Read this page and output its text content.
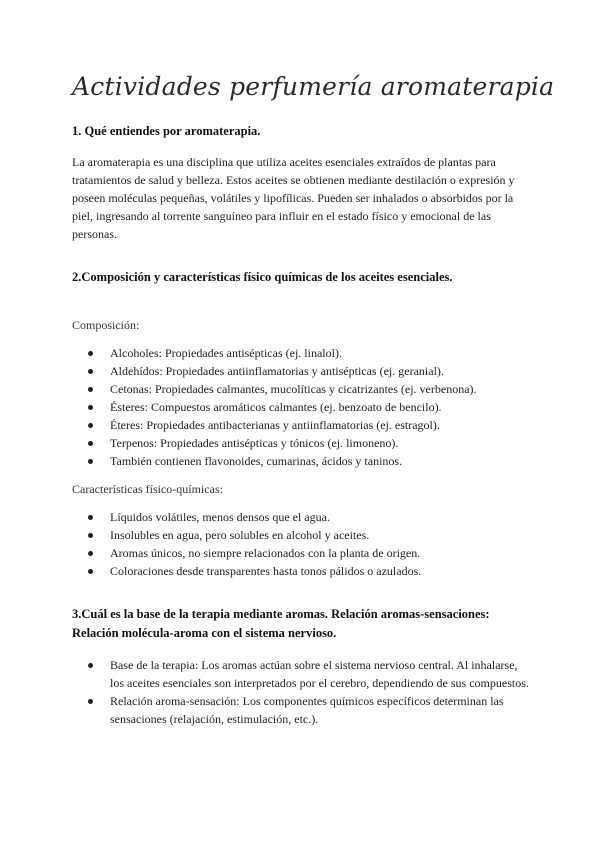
Actividades perfumería aromaterapia
1. Qué entiendes por aromaterapia.

La aromaterapia es una disciplina que utiliza aceites esenciales extraídos de plantas para tratamientos de salud y belleza. Estos aceites se obtienen mediante destilación o expresión y poseen moléculas pequeñas, volátiles y lipofílicas. Pueden ser inhalados o absorbidos por la piel, ingresando al torrente sanguíneo para influir en el estado físico y emocional de las personas.

2.Composición y características físico químicas de los aceites esenciales.

Composición:

Alcoholes: Propiedades antisépticas (ej. linalol).
Aldehídos: Propiedades antiinflamatorias y antisépticas (ej. geranial).
Cetonas: Propiedades calmantes, mucolíticas y cicatrizantes (ej. verbenona).
Ésteres: Compuestos aromáticos calmantes (ej. benzoato de bencilo).
Éteres: Propiedades antibacterianas y antiinflamatorias (ej. estragol).
Terpenos: Propiedades antisépticas y tónicos (ej. limoneno).
También contienen flavonoides, cumarinas, ácidos y taninos.

Características físico-químicas:

Líquidos volátiles, menos densos que el agua.
Insolubles en agua, pero solubles en alcohol y aceites.
Aromas únicos, no siempre relacionados con la planta de origen.
Coloraciones desde transparentes hasta tonos pálidos o azulados.
3.Cuál es la base de la terapia mediante aromas. Relación aromas-sensaciones: Relación molécula-aroma con el sistema nervioso.
Base de la terapia: Los aromas actúan sobre el sistema nervioso central. Al inhalarse, los aceites esenciales son interpretados por el cerebro, dependiendo de sus compuestos.
Relación aroma-sensación: Los componentes químicos específicos determinan las sensaciones (relajación, estimulación, etc.).
